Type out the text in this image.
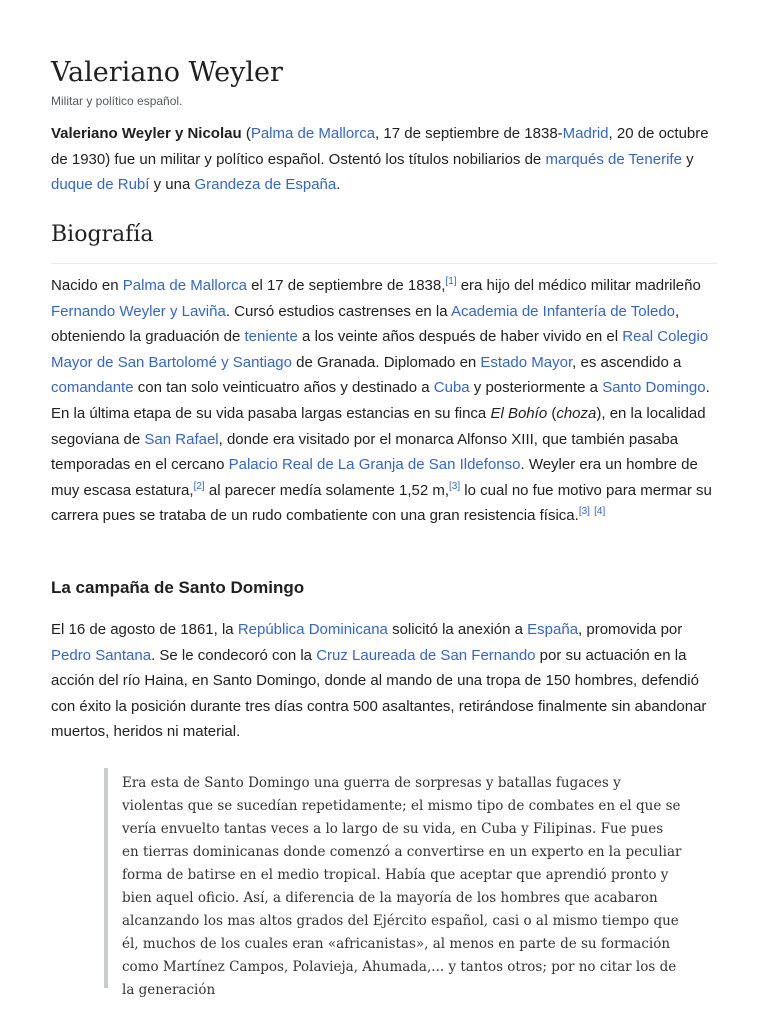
Valeriano Weyler
Militar y político español.

Valeriano Weyler y Nicolau (Palma de Mallorca, 17 de septiembre de 1838-Madrid, 20 de octubre de 1930) fue un militar y político español. Ostentó los títulos nobiliarios de marqués de Tenerife y duque de Rubí y una Grandeza de España.

Biografía

Nacido en Palma de Mallorca el 17 de septiembre de 1838,[1] era hijo del médico militar madrileño Fernando Weyler y Laviña. Cursó estudios castrenses en la Academia de Infantería de Toledo, obteniendo la graduación de teniente a los veinte años después de haber vivido en el Real Colegio Mayor de San Bartolomé y Santiago de Granada. Diplomado en Estado Mayor, es ascendido a comandante con tan solo veinticuatro años y destinado a Cuba y posteriormente a Santo Domingo. En la última etapa de su vida pasaba largas estancias en su finca El Bohío (choza), en la localidad segoviana de San Rafael, donde era visitado por el monarca Alfonso XIII, que también pasaba temporadas en el cercano Palacio Real de La Granja de San Ildefonso. Weyler era un hombre de muy escasa estatura,[2] al parecer medía solamente 1,52 m,[3] lo cual no fue motivo para mermar su carrera pues se trataba de un rudo combatiente con una gran resistencia física.[3] [4]

La campaña de Santo Domingo

El 16 de agosto de 1861, la República Dominicana solicitó la anexión a España, promovida por Pedro Santana. Se le condecoró con la Cruz Laureada de San Fernando por su actuación en la acción del río Haina, en Santo Domingo, donde al mando de una tropa de 150 hombres, defendió con éxito la posición durante tres días contra 500 asaltantes, retirándose finalmente sin abandonar muertos, heridos ni material.

Era esta de Santo Domingo una guerra de sorpresas y batallas fugaces y violentas que se sucedían repetidamente; el mismo tipo de combates en el que se vería envuelto tantas veces a lo largo de su vida, en Cuba y Filipinas. Fue pues en tierras dominicanas donde comenzó a convertirse en un experto en la peculiar forma de batirse en el medio tropical. Había que aceptar que aprendió pronto y bien aquel oficio. Así, a diferencia de la mayoría de los hombres que acabaron alcanzando los mas altos grados del Ejército español, casi o al mismo tiempo que él, muchos de los cuales eran «africanistas», al menos en parte de su formación como Martínez Campos, Polavieja, Ahumada,... y tantos otros; por no citar los de la generación
